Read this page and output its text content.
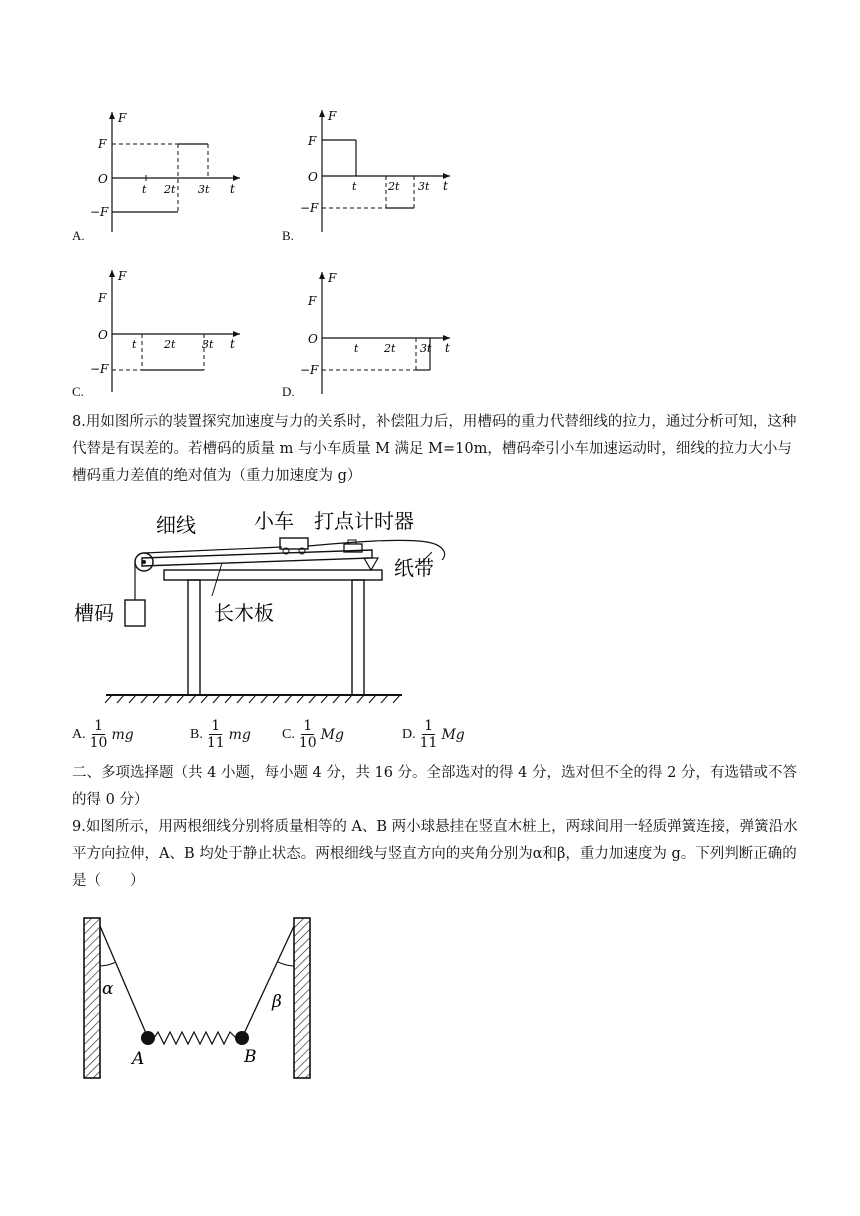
F
t
O
F
−F
t 2t 3t
A.
F
t
O
F
−F
t	2t 3t
B.
F
t
O
F
−F
t	2t 3t
C.
F
t
O
F
−F
t 2t 3t
D.
8.用如图所示的装置探究加速度与力的关系时，补偿阻力后，用槽码的重力代替细线的拉力，通过分析可知，这种代替是有误差的。若槽码的质量 m 与小车质量 M 满足 M=10m，槽码牵引小车加速运动时，细线的拉力大小与槽码重力差值的绝对值为（重力加速度为 g）
细线	小车 打点计时器
纸带
槽码	长木板
A. $\frac{1}{10}$ mg	B. $\frac{1}{11}$ mg C. $\frac{1}{10}$ Mg	D. $\frac{1}{11}$ Mg
二、多项选择题（共 4 小题，每小题 4 分，共 16 分。全部选对的得 4 分，选对但不全的得 2 分，有选错或不答的得 0 分）
9.如图所示，用两根细线分别将质量相等的 A、B 两小球悬挂在竖直木桩上，两球间用一轻质弹簧连接，弹簧沿水平方向拉伸，A、B 均处于静止状态。两根细线与竖直方向的夹角分别为α和β，重力加速度为 g。下列判断正确的是（　　）
α
β
A	B
